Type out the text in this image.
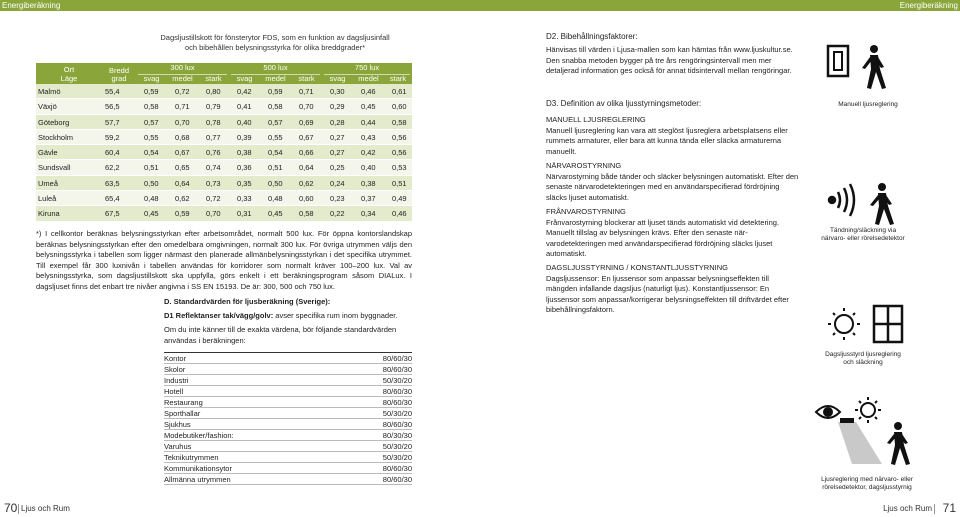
Energiberäkning	Energiberäkning
Dagsljustillskott för fönsterytor FDS, som en funktion av dagsljusinfall
och bibehållen belysningsstyrka för olika breddgrader*
Ort
Läge
Bredd
grad
300 lux	500 lux	750 lux
svag	medel	stark	svag	medel	stark	svag	medel	stark
Malmö	55,4	0,59 0,72 0,80 0,42 0,59 0,71 0,30 0,46 0,61
Växjö	56,5	0,58 0,71 0,79 0,41 0,58 0,70 0,29 0,45 0,60
Göteborg	57,7	0,57 0,70 0,78 0,40 0,57 0,69 0,28 0,44 0,58
Stockholm	59,2	0,55 0,68 0,77 0,39 0,55 0,67 0,27 0,43 0,56
Gävle	60,4	0,54 0,67 0,76 0,38 0,54 0,66 0,27 0,42 0,56
Sundsvall	62,2	0,51 0,65 0,74 0,36 0,51 0,64 0,25 0,40 0,53
Umeå	63,5	0,50 0,64 0,73 0,35 0,50 0,62 0,24 0,38 0,51
Luleå	65,4	0,48 0,62 0,72 0,33 0,48 0,60 0,23 0,37 0,49
Kiruna	67,5	0,45 0,59 0,70 0,31 0,45 0,58 0,22 0,34 0,46
*) I cellkontor beräknas belysningsstyrkan efter arbetsområdet, normalt 500 lux. För öppna kontorslandskap beräknas belysningsstyrkan efter den omedelbara omgivningen, normalt 300 lux. För övriga utrymmen väljs den belysningsstyrka i tabellen som ligger närmast den planerade allmänbelysningsstyrkan i det specifika utrymmet. Till exempel får 300 luxnivån i tabellen användas för korridorer som normalt kräver 100–200 lux. Val av belysningsstyrka, som dagsljustillskott ska uppfylla, görs enkelt i ett beräkningsprogram såsom DIALux. I dagsljuset finns det enbart tre nivåer angivna i SS EN 15193. De är: 300, 500 och 750 lux.
D. Standardvärden för ljusberäkning (Sverige):
D1 Reflektanser tak/vägg/golv: avser specifika rum inom byggnader.
Om du inte känner till de exakta värdena, bör följande standardvärden användas i beräkningen:
Kontor	80/60/30
Skolor	80/60/30
Industri	50/30/20
Hotell	80/60/30
Restaurang	80/60/30
Sporthallar	50/30/20
Sjukhus	80/60/30
Modebutiker/fashion:	80/30/30
Varuhus	50/30/20
Teknikutrymmen	50/30/20
Kommunikationsytor	80/60/30
Allmänna utrymmen	80/60/30
D2. Bibehållningsfaktorer:
Hänvisas till värden i Ljusa-mallen som kan hämtas från www.ljuskultur.se. Den snabba metoden bygger på tre års rengöringsintervall men mer detaljerad information ges också för annat tidsintervall mellan rengöringar.
D3. Definition av olika ljusstyrningsmetoder:
MANUELL LJUSREGLERING
Manuell ljusreglering kan vara att steglöst ljusreglera arbetsplatsens eller rummets armaturer, eller bara att kunna tända eller släcka armaturerna manuellt.
NÄRVAROSTYRNING
Närvarostyrning både tänder och släcker belysningen automatiskt. Efter den senaste närvarodetekteringen med en användarspecifierad fördröjning släcks ljuset automatiskt.
FRÅNVAROSTYRNING
Frånvarostyrning blockerar att ljuset tänds automatiskt vid detektering. Manuellt tillslag av belysningen krävs. Efter den senaste närvarodetekteringen med användarspecifierad fördröjning släcks ljuset automatiskt.
DAGSLJUSSTYRNING / KONSTANTLJUSSTYRNING
Dagsljussensor: En ljussensor som anpassar belysningseffekten till mängden infallande dagsljus (naturligt ljus). Konstantljussensor: En ljussensor som anpassar/korrigerar belysningseffekten till driftvärdet efter bibehållningsfaktorn.
Manuell ljusreglering
Tändning/släckning via
närvaro- eller rörelsedetektor
Dagsljusstyrd ljusreglering
och släckning
Ljusreglering med närvaro- eller
rörelsedetektor, dagsljusstyrnig
70 Ljus och Rum	Ljus och Rum 71
